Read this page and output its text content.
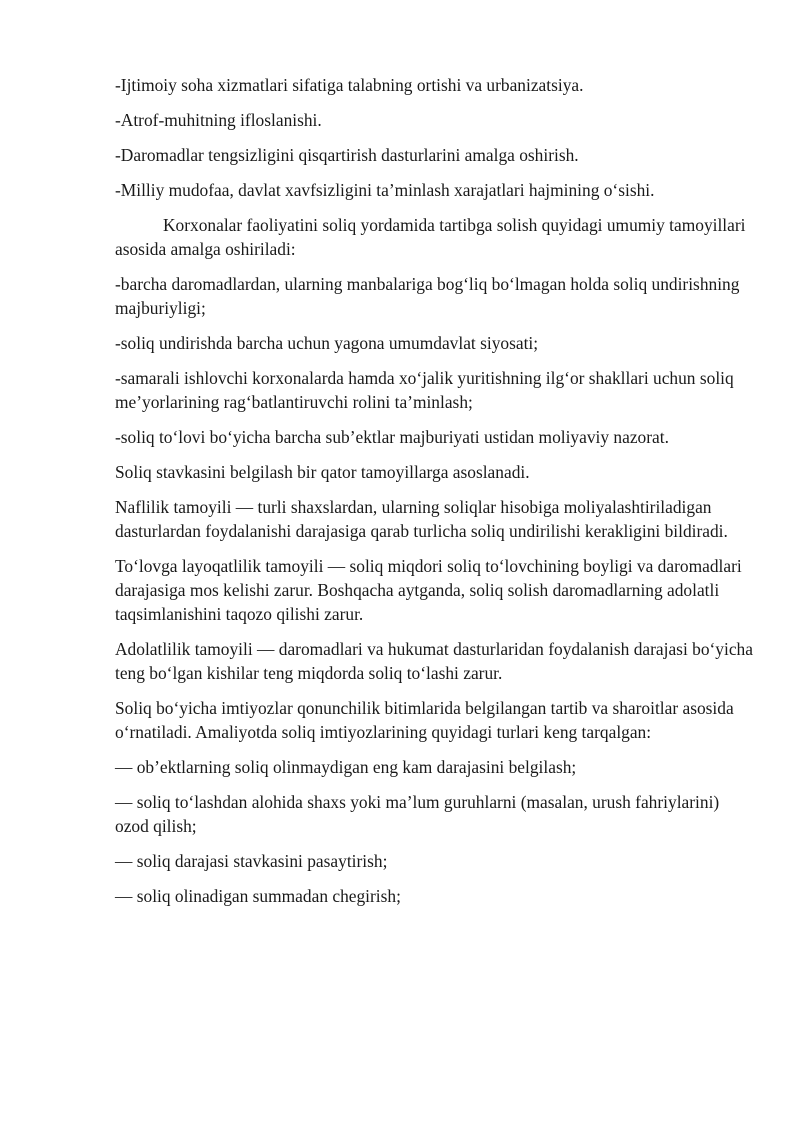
-Ijtimoiy soha xizmatlari sifatiga talabning ortishi va urbanizatsiya.

-Atrof-muhitning ifloslanishi.

-Daromadlar tengsizligini qisqartirish dasturlarini amalga oshirish.

-Milliy mudofaa, davlat xavfsizligini ta’minlash xarajatlari hajmining o‘sishi.

Korxonalar faoliyatini soliq yordamida tartibga solish quyidagi umumiy tamoyillari asosida amalga oshiriladi:

-barcha daromadlardan, ularning manbalariga bog‘liq bo‘lmagan holda soliq undirishning majburiyligi;

-soliq undirishda barcha uchun yagona umumdavlat siyosati;

-samarali ishlovchi korxonalarda hamda xo‘jalik yuritishning ilg‘or shakllari uchun soliq me’yorlarining rag‘batlantiruvchi rolini ta’minlash;

-soliq to‘lovi bo‘yicha barcha sub’ektlar majburiyati ustidan moliyaviy nazorat.

Soliq stavkasini belgilash bir qator tamoyillarga asoslanadi.

Naflilik tamoyili — turli shaxslardan, ularning soliqlar hisobiga moliyalashtiriladigan dasturlardan foydalanishi darajasiga qarab turlicha soliq undirilishi kerakligini bildiradi.

To‘lovga layoqatlilik tamoyili — soliq miqdori soliq to‘lovchining boyligi va daromadlari darajasiga mos kelishi zarur. Boshqacha aytganda, soliq solish daromadlarning adolatli taqsimlanishini taqozo qilishi zarur.

Adolatlilik tamoyili — daromadlari va hukumat dasturlaridan foydalanish darajasi bo‘yicha teng bo‘lgan kishilar teng miqdorda soliq to‘lashi zarur.

Soliq bo‘yicha imtiyozlar qonunchilik bitimlarida belgilangan tartib va sharoitlar asosida o‘rnatiladi. Amaliyotda soliq imtiyozlarining quyidagi turlari keng tarqalgan:

— ob’ektlarning soliq olinmaydigan eng kam darajasini belgilash;

— soliq to‘lashdan alohida shaxs yoki ma’lum guruhlarni (masalan, urush fahriylarini) ozod qilish;

— soliq darajasi stavkasini pasaytirish;

— soliq olinadigan summadan chegirish;
